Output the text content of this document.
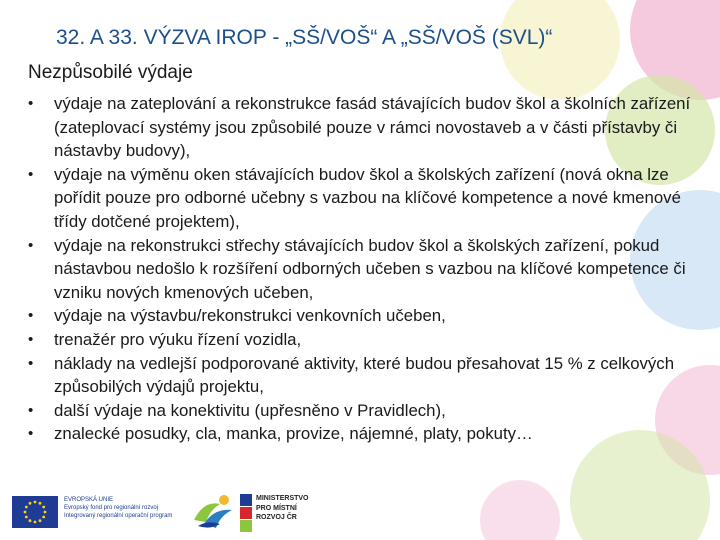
32. A 33. VÝZVA IROP - „SŠ/VOŠ“ A „SŠ/VOŠ (SVL)“
Nezpůsobilé výdaje
• výdaje na zateplování a rekonstrukce fasád stávajících budov škol a školních zařízení (zateplovací systémy jsou způsobilé pouze v rámci novostaveb a v části přístavby či nástavby budovy),
• výdaje na výměnu oken stávajících budov škol a školských zařízení (nová okna lze pořídit pouze pro odborné učebny s vazbou na klíčové kompetence a nové kmenové třídy dotčené projektem),
• výdaje na rekonstrukci střechy stávajících budov škol a školských zařízení, pokud nástavbou nedošlo k rozšíření odborných učeben s vazbou na klíčové kompetence či vzniku nových kmenových učeben,
• výdaje na výstavbu/rekonstrukci venkovních učeben,
• trenažér pro výuku řízení vozidla,
• náklady na vedlejší podporované aktivity, které budou přesahovat 15 % z celkových způsobilých výdajů projektu,
• další výdaje na konektivitu (upřesněno v Pravidlech),
• znalecké posudky, cla, manka, provize, nájemné, platy, pokuty…
EVROPSKÁ UNIE
Evropský fond pro regionální rozvoj
Integrovaný regionální operační program
MINISTERSTVO
PRO MÍSTNÍ
ROZVOJ ČR
